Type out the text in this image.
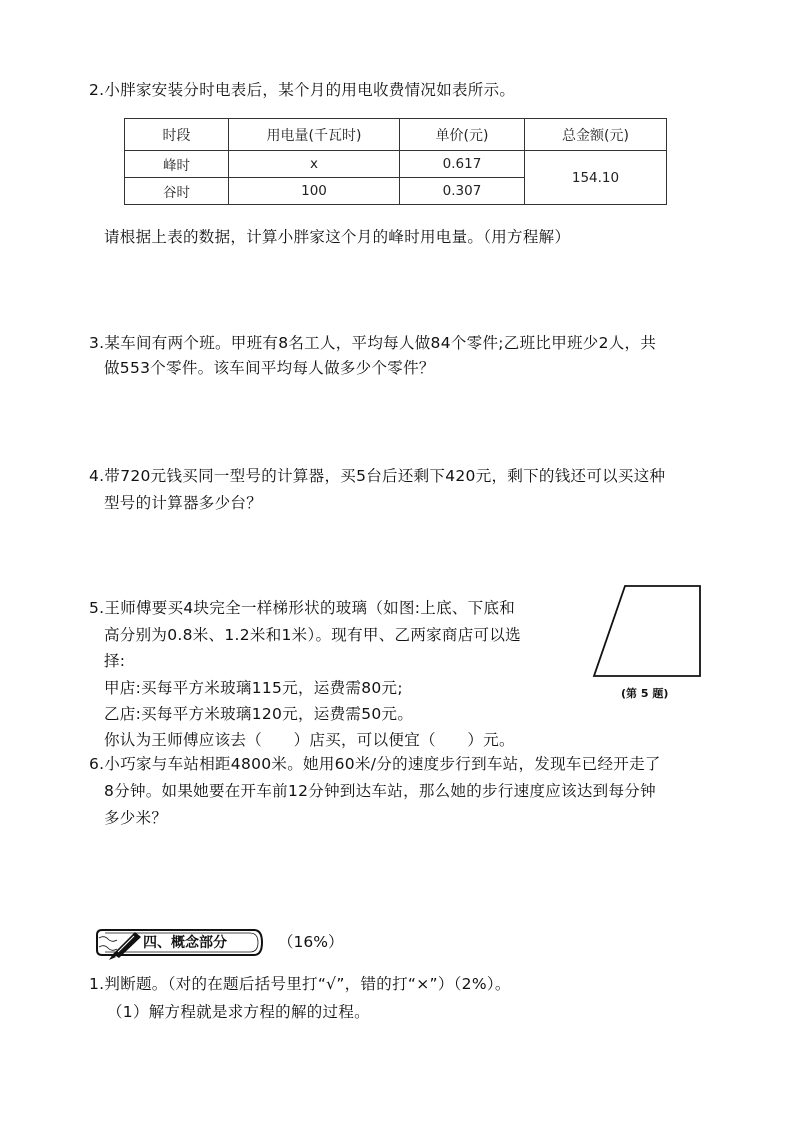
2.小胖家安装分时电表后，某个月的用电收费情况如表所示。
时段	用电量(千瓦时)	单价(元)	总金额(元)
峰时	x	0.617	154.10
谷时	100	0.307	
请根据上表的数据，计算小胖家这个月的峰时用电量。（用方程解）
3.某车间有两个班。甲班有8名工人，平均每人做84个零件;乙班比甲班少2人，共
做553个零件。该车间平均每人做多少个零件？
4.带720元钱买同一型号的计算器，买5台后还剩下420元，剩下的钱还可以买这种
型号的计算器多少台？
5.王师傅要买4块完全一样梯形状的玻璃（如图:上底、下底和
高分别为0.8米、1.2米和1米）。现有甲、乙两家商店可以选
择:
甲店:买每平方米玻璃115元，运费需80元;
乙店:买每平方米玻璃120元，运费需50元。
你认为王师傅应该去（　　）店买，可以便宜（　　）元。
(第 5 题)
6.小巧家与车站相距4800米。她用60米/分的速度步行到车站，发现车已经开走了
8分钟。如果她要在开车前12分钟到达车站，那么她的步行速度应该达到每分钟
多少米？
四、概念部分	（16%）
1.判断题。（对的在题后括号里打“√”，错的打“×”）（2%）。
（1）解方程就是求方程的解的过程。
